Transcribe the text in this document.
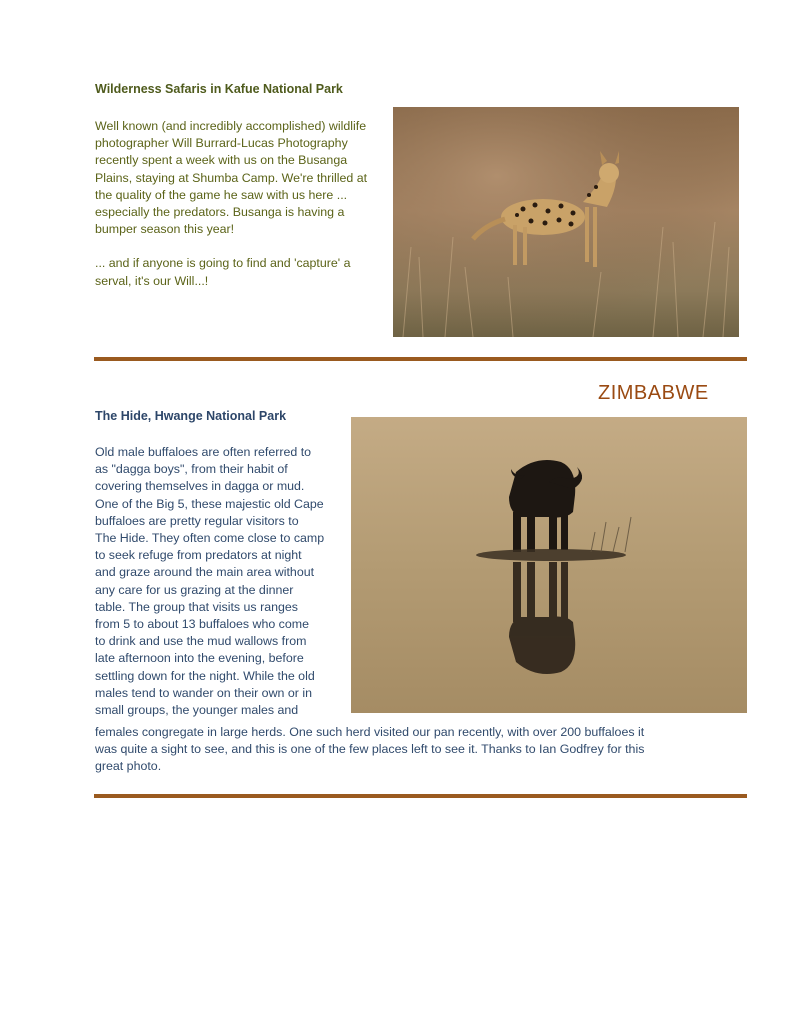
Wilderness Safaris in Kafue National Park

Well known (and incredibly accomplished) wildlife photographer Will Burrard-Lucas Photography recently spent a week with us on the Busanga Plains, staying at Shumba Camp. We're thrilled at the quality of the game he saw with us here ... especially the predators. Busanga is having a bumper season this year!

... and if anyone is going to find and 'capture' a serval, it's our Will...!

ZIMBABWE
The Hide, Hwange National Park

Old male buffaloes are often referred to
as "dagga boys", from their habit of
covering themselves in dagga or mud.
One of the Big 5, these majestic old Cape
buffaloes are pretty regular visitors to
The Hide. They often come close to camp
to seek refuge from predators at night
and graze around the main area without
any care for us grazing at the dinner
table. The group that visits us ranges
from 5 to about 13 buffaloes who come
to drink and use the mud wallows from
late afternoon into the evening, before
settling down for the night. While the old
males tend to wander on their own or in
small groups, the younger males and

females congregate in large herds. One such herd visited our pan recently, with over 200 buffaloes it
was quite a sight to see, and this is one of the few places left to see it. Thanks to Ian Godfrey for this
great photo.
